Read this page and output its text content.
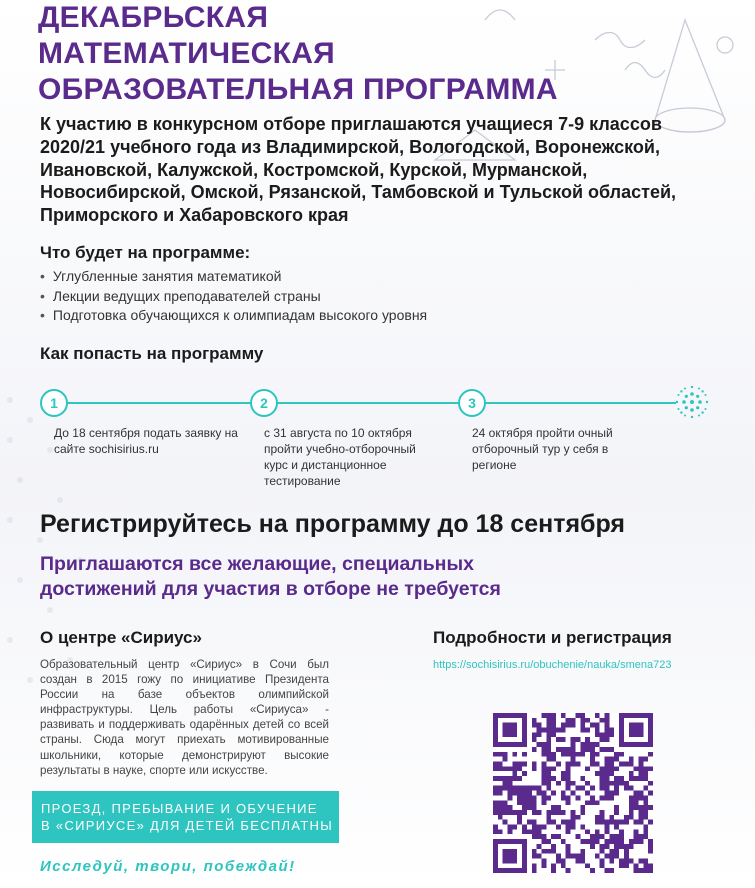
ДЕКАБРЬСКАЯ
МАТЕМАТИЧЕСКАЯ
ОБРАЗОВАТЕЛЬНАЯ ПРОГРАММА

К участию в конкурсном отборе приглашаются учащиеся 7-9 классов 2020/21 учебного года из Владимирской, Вологодской, Воронежской, Ивановской, Калужской, Костромской, Курской, Мурманской, Новосибирской, Омской, Рязанской, Тамбовской и Тульской областей, Приморского и Хабаровского края

Что будет на программе:
• Углубленные занятия математикой
• Лекции ведущих преподавателей страны
• Подготовка обучающихся к олимпиадам высокого уровня
Как попасть на программу
1	2	3
До 18 сентября подать заявку на сайте sochisirius.ru
с 31 августа по 10 октября пройти учебно-отборочный курс и дистанционное тестирование
24 октября пройти очный отборочный тур у себя в регионе
Регистрируйтесь на программу до 18 сентября

Приглашаются все желающие, специальных
достижений для участия в отборе не требуется

О центре «Сириус»

Образовательный центр «Сириус» в Сочи был создан в 2015 гожу по инициативе Президента России на базе объектов олимпийской инфраструктуры. Цель работы «Сириуса» - развивать и поддерживать одарённых детей со всей страны. Сюда могут приехать мотивированные школьники, которые демонстрируют высокие результаты в науке, спорте или искусстве.

ПРОЕЗД, ПРЕБЫВАНИЕ И ОБУЧЕНИЕ
В «СИРИУСЕ» ДЛЯ ДЕТЕЙ БЕСПЛАТНЫ

Исследуй, твори, побеждай!

Подробности и регистрация
https://sochisirius.ru/obuchenie/nauka/smena723
